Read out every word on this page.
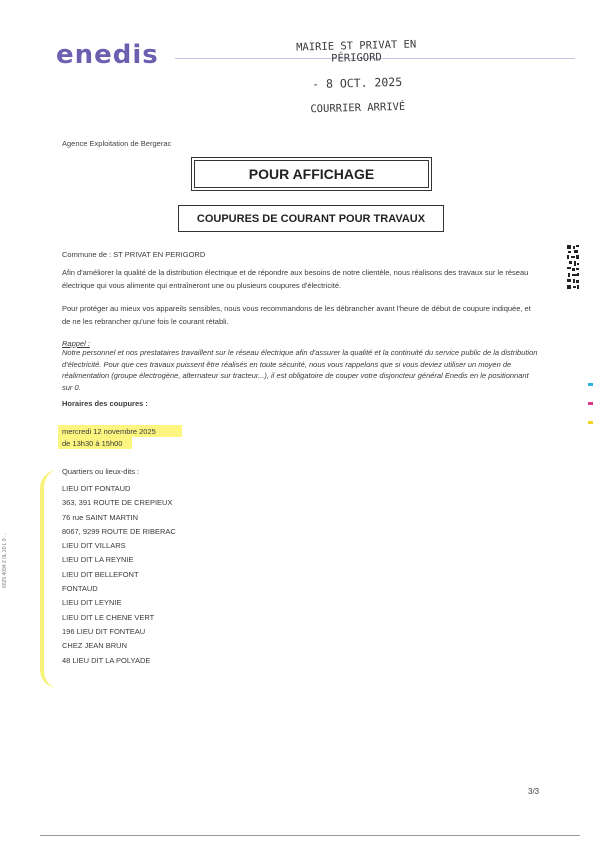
enedis	MAIRIE ST PRIVAT EN PÉRIGORD
- 8 OCT. 2025
COURRIER ARRIVÉ
Agence Exploitation de Bergerac
POUR AFFICHAGE
COUPURES DE COURANT POUR TRAVAUX
Commune de : ST PRIVAT EN PERIGORD
Afin d'améliorer la qualité de la distribution électrique et de répondre aux besoins de notre clientèle, nous réalisons des travaux sur le réseau électrique qui vous alimente qui entraîneront une ou plusieurs coupures d'électricité.
Pour protéger au mieux vos appareils sensibles, nous vous recommandons de les débrancher avant l'heure de début de coupure indiquée, et de ne les rebrancher qu'une fois le courant rétabli.
Rappel :
Notre personnel et nos prestataires travaillent sur le réseau électrique afin d'assurer la qualité et la continuité du service public de la distribution d'électricité. Pour que ces travaux puissent être réalisés en toute sécurité, nous vous rappelons que si vous deviez utiliser un moyen de réalimentation (groupe électrogène, alternateur sur tracteur...), il est obligatoire de couper votre disjoncteur général Enedis en le positionnant sur 0.
Horaires des coupures :
mercredi 12 novembre 2025
de 13h30 à 15h00
Quartiers ou lieux-dits :
LIEU DIT FONTAUD
363, 391 ROUTE DE CREPIEUX
76 rue SAINT MARTIN
8067, 9299 ROUTE DE RIBERAC
LIEU DIT VILLARS
LIEU DIT LA REYNIE
LIEU DIT BELLEFONT
FONTAUD
LIEU DIT LEYNIE
LIEU DIT LE CHENE VERT
196 LIEU DIT FONTEAU
CHEZ JEAN BRUN
48 LIEU DIT LA POLYADE
6025 4094 2 0L 20 L 9 ...
3/3
